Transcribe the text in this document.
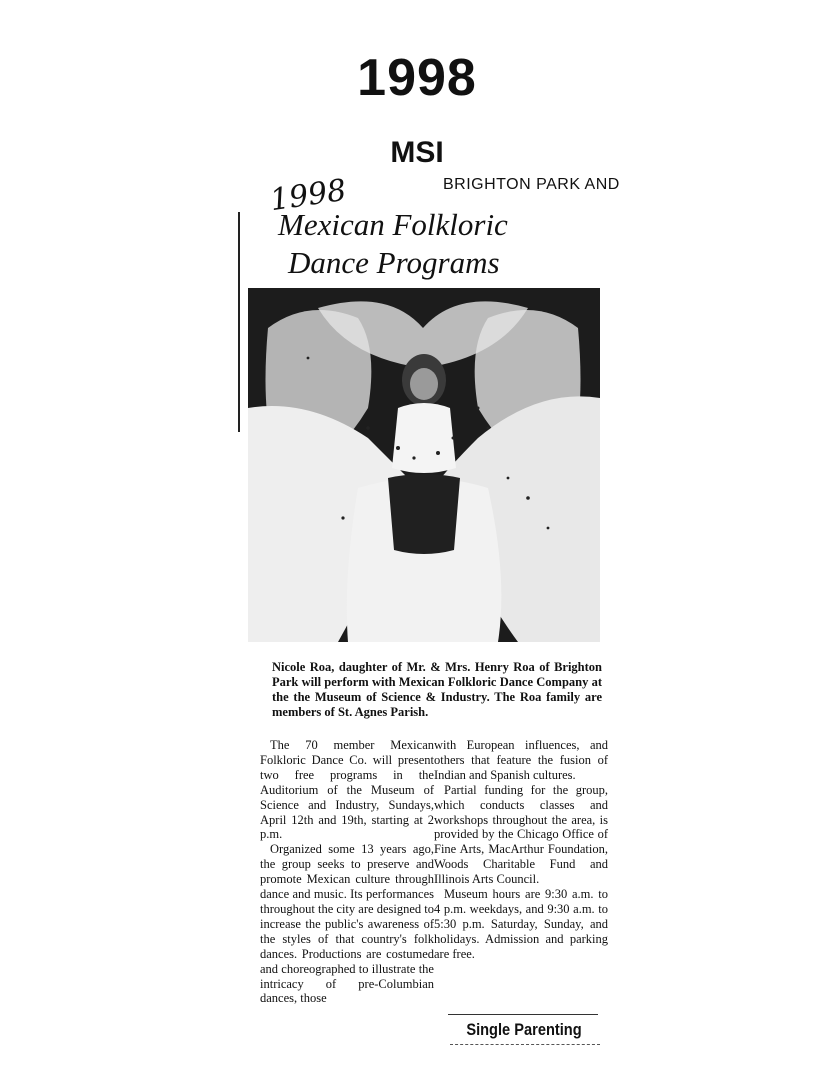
1998
MSI
1998	BRIGHTON PARK AND
Mexican Folkloric
Dance Programs
Nicole Roa, daughter of Mr. & Mrs. Henry Roa of Brighton Park will perform with Mexican Folkloric Dance Company at the the Museum of Science & Industry. The Roa family are members of St. Agnes Parish.

The 70 member Mexican Folkloric Dance Co. will present two free programs in the Auditorium of the Museum of Science and Industry, Sundays, April 12th and 19th, starting at 2 p.m.

Organized some 13 years ago, the group seeks to preserve and promote Mexican culture through dance and music. Its performances throughout the city are designed to increase the public's awareness of the styles of that country's folk dances. Productions are costumed and choreographed to illustrate the intricacy of pre-Columbian dances, those

with European influences, and others that feature the fusion of Indian and Spanish cultures.

Partial funding for the group, which conducts classes and workshops throughout the area, is provided by the Chicago Office of Fine Arts, MacArthur Foundation, Woods Charitable Fund and Illinois Arts Council.

Museum hours are 9:30 a.m. to 4 p.m. weekdays, and 9:30 a.m. to 5:30 p.m. Saturday, Sunday, and holidays. Admission and parking are free.

Single Parenting
